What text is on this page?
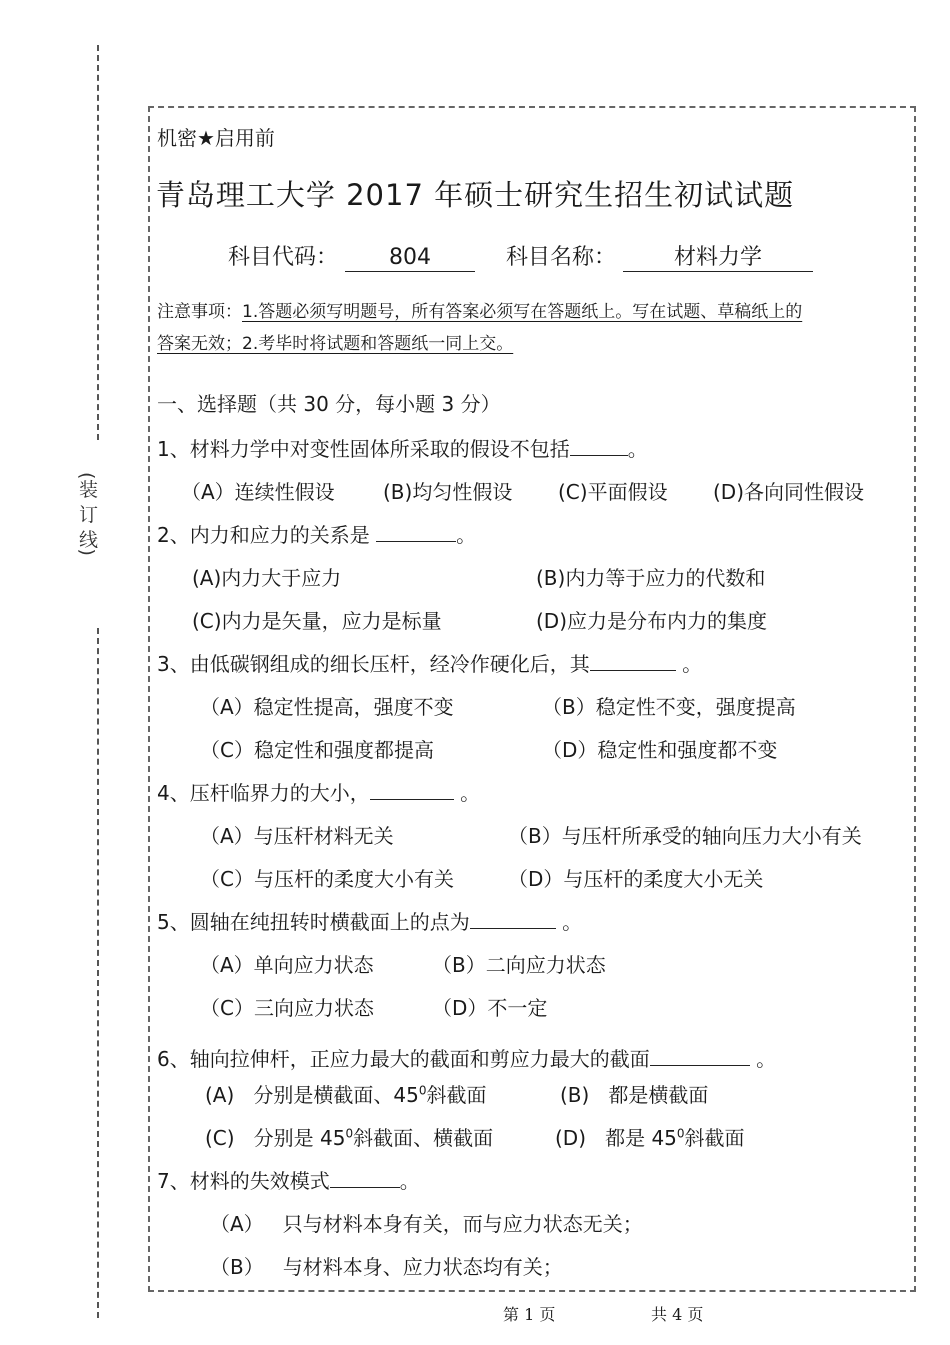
(装 订 线)
机密★启用前
青岛理工大学 2017 年硕士研究生招生初试试题
科目代码： 804	科目名称：	材料力学
注意事项：1.答题必须写明题号，所有答案必须写在答题纸上。写在试题、草稿纸上的
答案无效；2.考毕时将试题和答题纸一同上交。
一、选择题（共 30 分，每小题 3 分）
1、材料力学中对变性固体所采取的假设不包括	。
（A）连续性假设 (B)均匀性假设 (C)平面假设 (D)各向同性假设
2、内力和应力的关系是	。
(A)内力大于应力	(B)内力等于应力的代数和
(C)内力是矢量，应力是标量	(D)应力是分布内力的集度
3、由低碳钢组成的细长压杆，经冷作硬化后，其	。
（A）稳定性提高，强度不变	（B）稳定性不变，强度提高
（C）稳定性和强度都提高	（D）稳定性和强度都不变
4、压杆临界力的大小，	。
（A）与压杆材料无关	（B）与压杆所承受的轴向压力大小有关
（C）与压杆的柔度大小有关	（D）与压杆的柔度大小无关
5、圆轴在纯扭转时横截面上的点为	。
（A）单向应力状态	（B）二向应力状态
（C）三向应力状态	（D）不一定
6、轴向拉伸杆，正应力最大的截面和剪应力最大的截面	。
(A) 分别是横截面、$45^0$斜截面	(B) 都是横截面
(C) 分别是 $45^0$斜截面、横截面	(D) 都是 $45^0$斜截面
7、材料的失效模式	。
（A） 只与材料本身有关，而与应力状态无关；
（B） 与材料本身、应力状态均有关；
第 1 页	共 4 页
